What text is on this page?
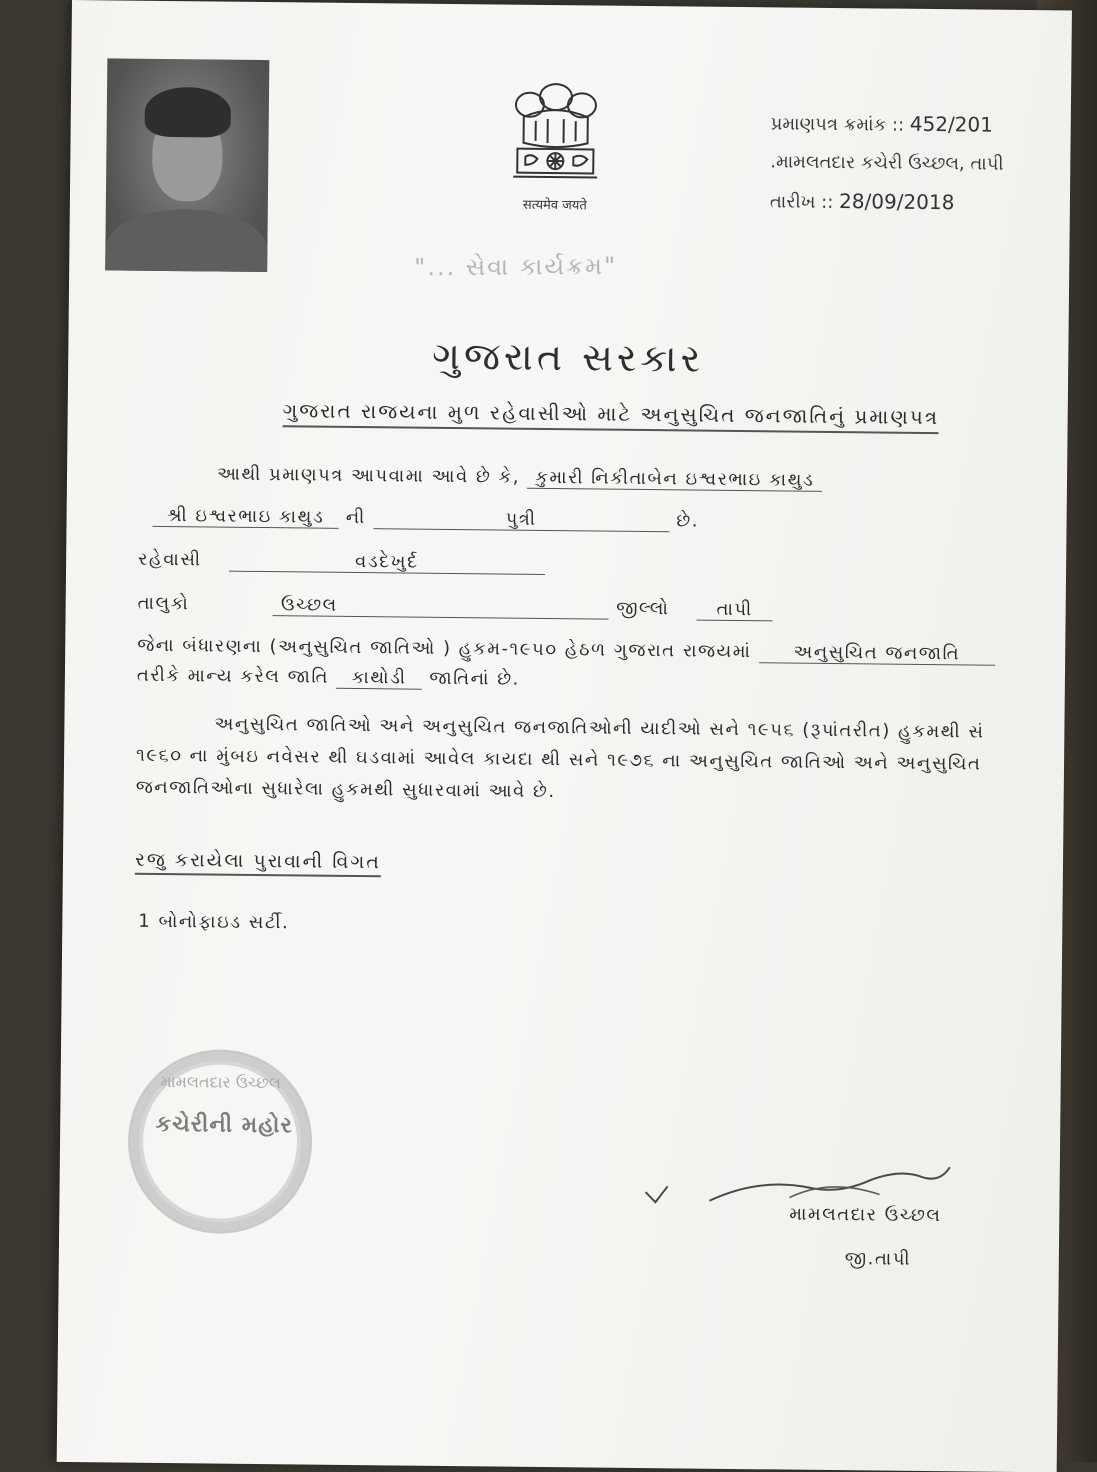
सत्यमेव जयते
પ્રમાણપત્ર ક્રમાંક :: 452/201
.મામલતદાર કચેરી ઉચ્છલ, તાપી
તારીખ :: 28/09/2018
"... સેવા કાર્યક્રમ"
ગુજરાત સરકાર
ગુજરાત રાજયના મુળ રહેવાસીઓ માટે અનુસુચિત જનજાતિનું પ્રમાણપત્ર
આથી પ્રમાણપત્ર આપવામા આવે છે કે, કુમારી નિકીતાબેન ઇશ્વરભાઇ કાથુડ
શ્રી ઇશ્વરભાઇ કાથુડ ની	પુત્રી	છે.
રહેવાસી	વડદેખુર્દ
તાલુકો	ઉચ્છલ	જીલ્લો	તાપી
જેના બંધારણના (અનુસુચિત જાતિઓ ) હુકમ-૧૯૫૦ હેઠળ ગુજરાત રાજયમાં અનુસુચિત જનજાતિ
તરીકે માન્ય કરેલ જાતિ કાથોડી જાતિનાં છે.
અનુસુચિત જાતિઓ અને અનુસુચિત જનજાતિઓની યાદીઓ સને ૧૯૫૬ (રૂપાંતરીત) હુકમથી સં
૧૯૬૦ ના મુંબઇ નવેસર થી ઘડવામાં આવેલ કાયદા થી સને ૧૯૭૬ ના અનુસુચિત જાતિઓ અને અનુસુચિત
જનજાતિઓના સુધારેલા હુકમથી સુધારવામાં આવે છે.
રજુ કરાયેલા પુરાવાની વિગત
1 બોનોફાઇડ સર્ટી.
મામલતદાર ઉચ્છલ
કચેરીની મહોર
મામલતદાર ઉચ્છલ
જી.તાપી
